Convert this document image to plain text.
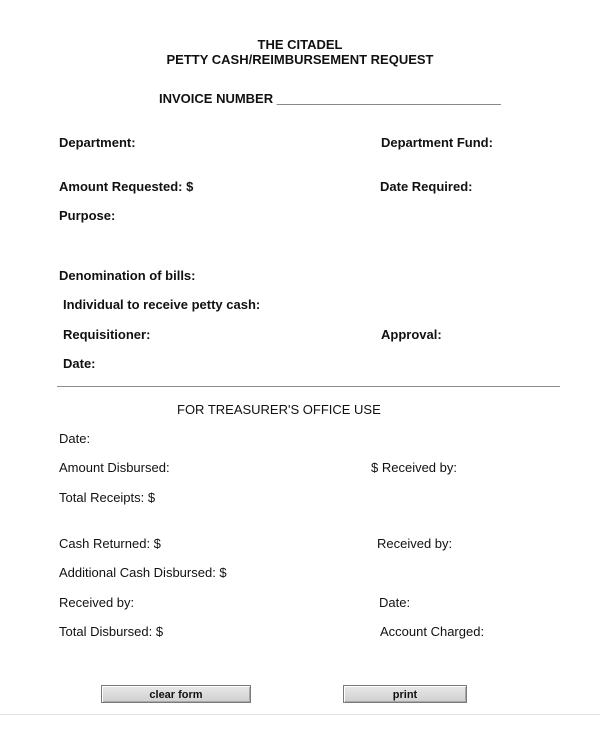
THE CITADEL
PETTY CASH/REIMBURSEMENT REQUEST
INVOICE NUMBER _______________________________
Department:	Department Fund:
Amount Requested: $	Date Required:
Purpose:
Denomination of bills:
Individual to receive petty cash:
Requisitioner:	Approval:
Date:
FOR TREASURER'S OFFICE USE
Date:
Amount Disbursed:	$ Received by:
Total Receipts: $
Cash Returned: $	Received by:
Additional Cash Disbursed: $
Received by:	Date:
Total Disbursed: $	Account Charged:
clear form	print
